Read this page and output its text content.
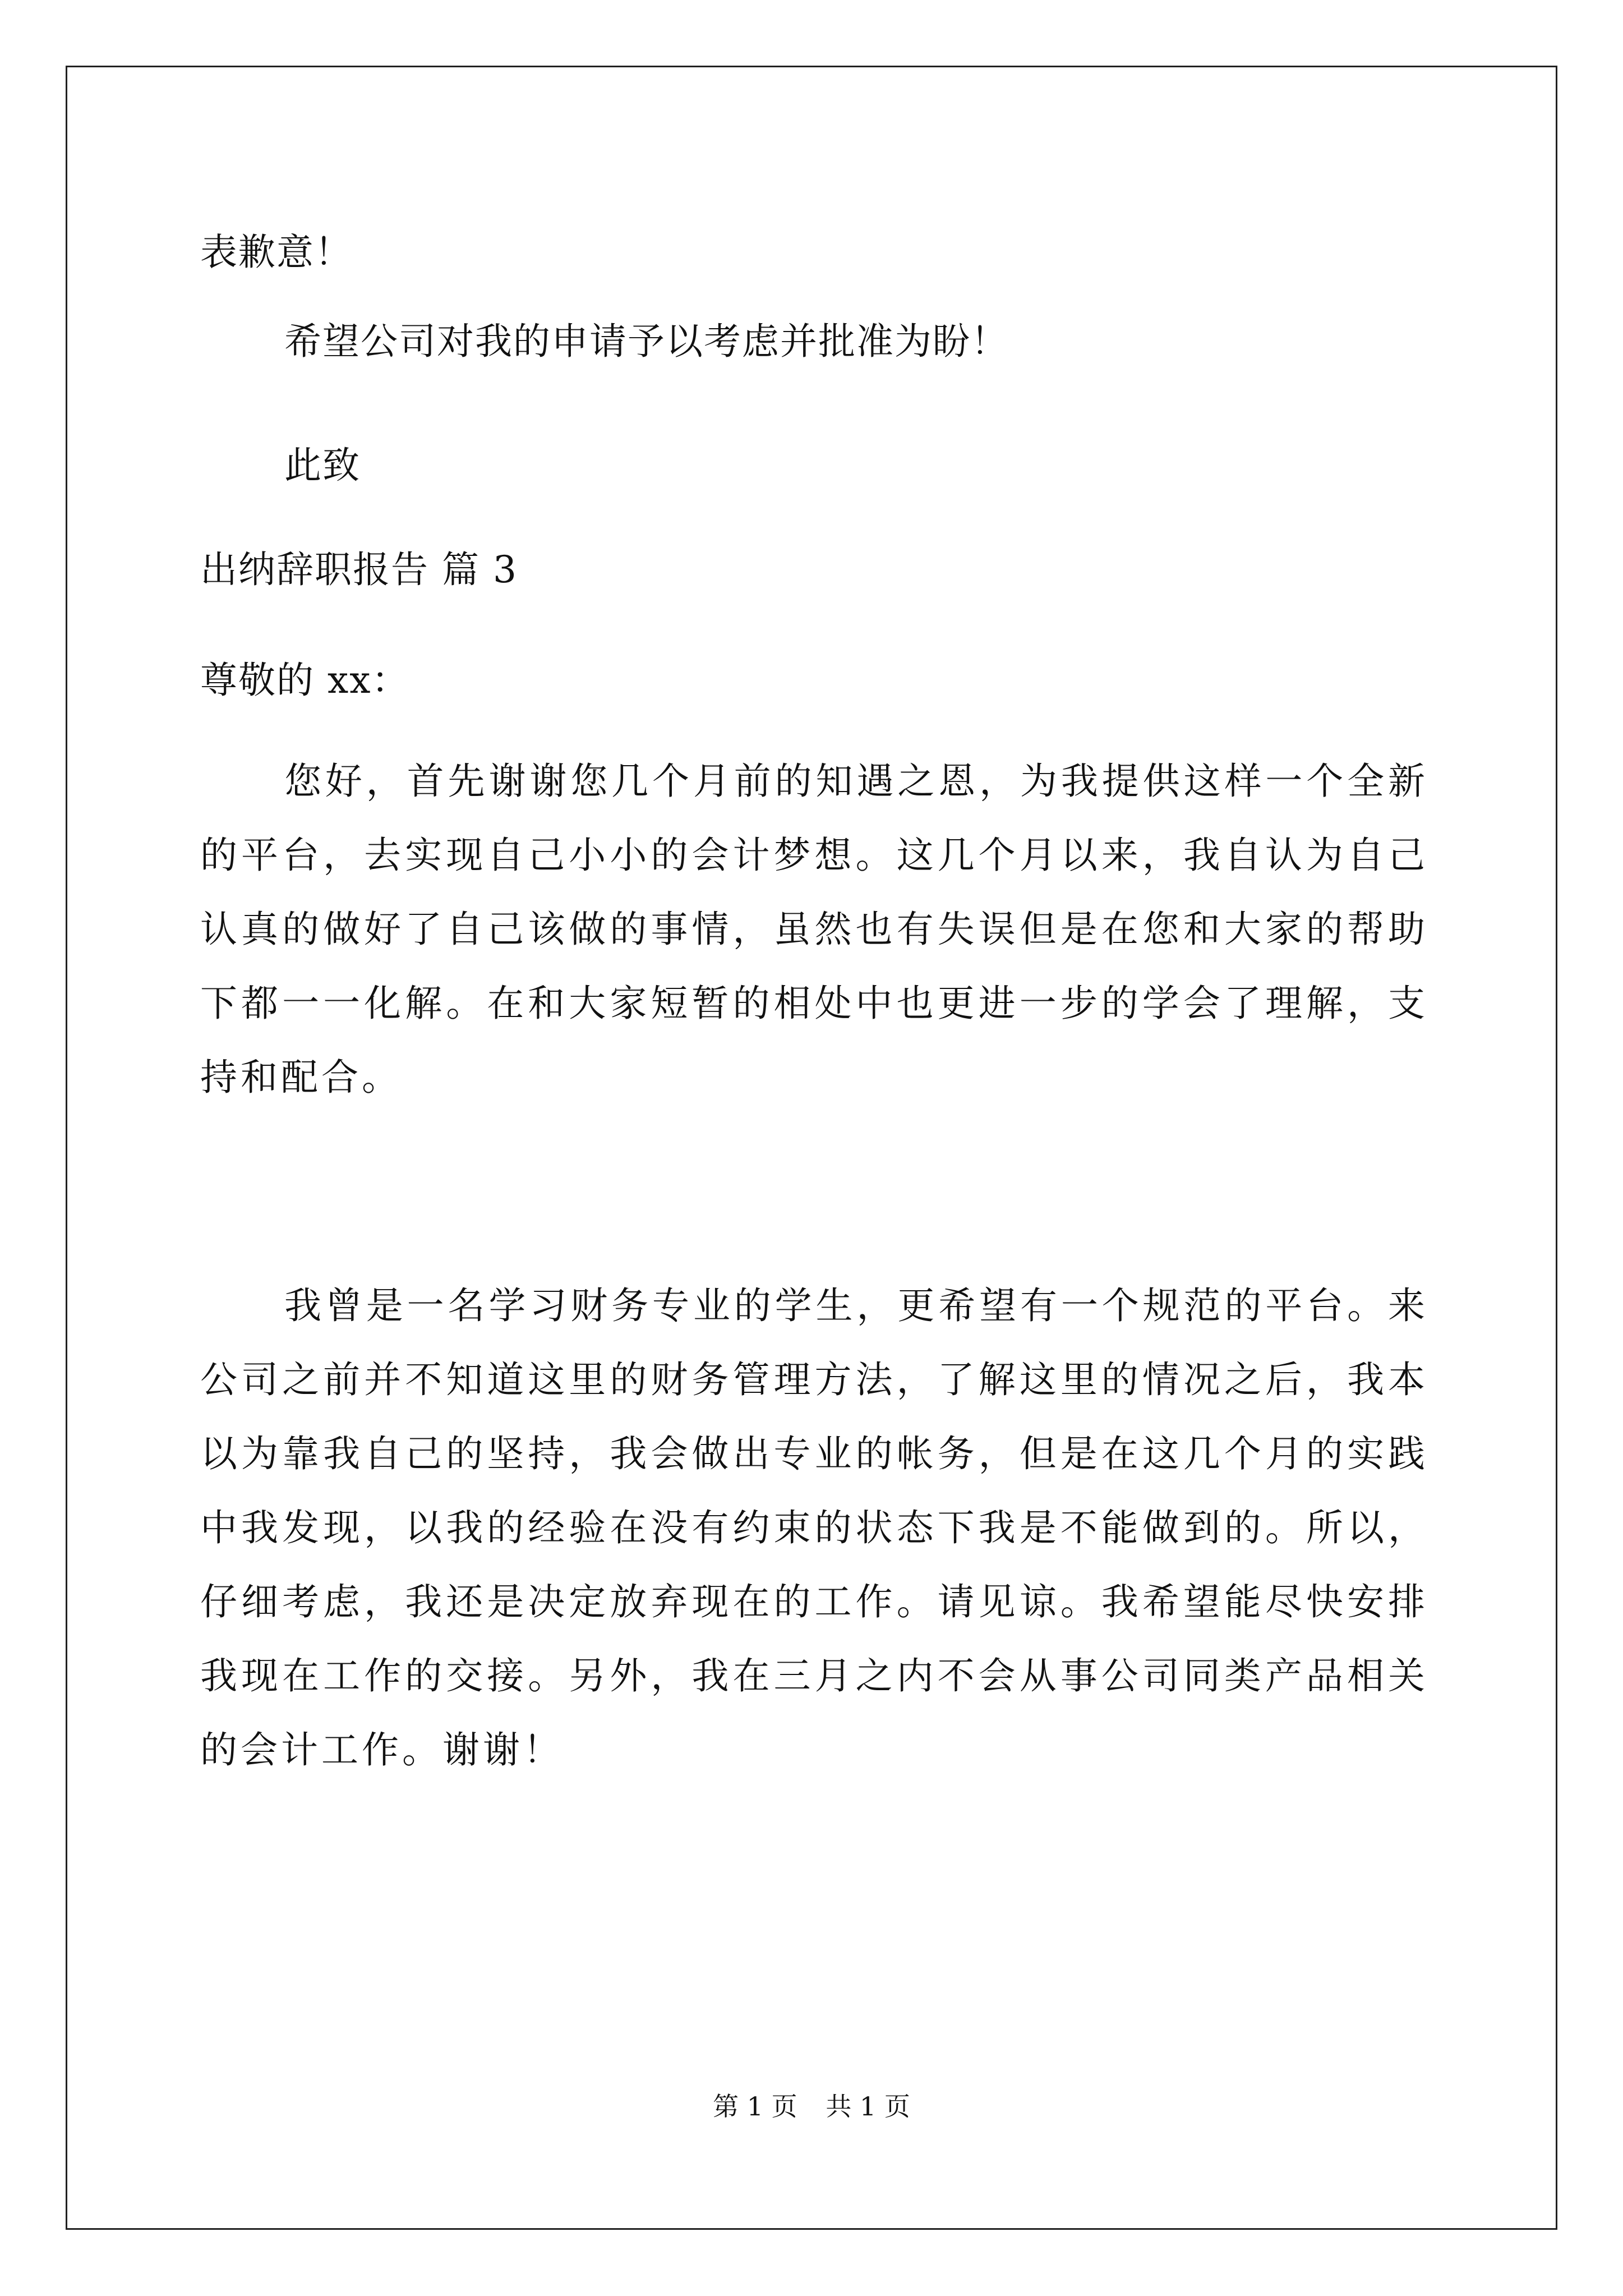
表歉意！
希望公司对我的申请予以考虑并批准为盼！
此致
出纳辞职报告 篇 3
尊敬的 xx：
您好，首先谢谢您几个月前的知遇之恩，为我提供这样一个全新的平台，去实现自己小小的会计梦想。这几个月以来，我自认为自己认真的做好了自己该做的事情，虽然也有失误但是在您和大家的帮助下都一一化解。在和大家短暂的相处中也更进一步的学会了理解，支持和配合。
我曾是一名学习财务专业的学生，更希望有一个规范的平台。来公司之前并不知道这里的财务管理方法，了解这里的情况之后，我本以为靠我自己的坚持，我会做出专业的帐务，但是在这几个月的实践中我发现，以我的经验在没有约束的状态下我是不能做到的。所以，仔细考虑，我还是决定放弃现在的工作。请见谅。我希望能尽快安排我现在工作的交接。另外，我在三月之内不会从事公司同类产品相关的会计工作。谢谢！
第 1 页 共 1 页
